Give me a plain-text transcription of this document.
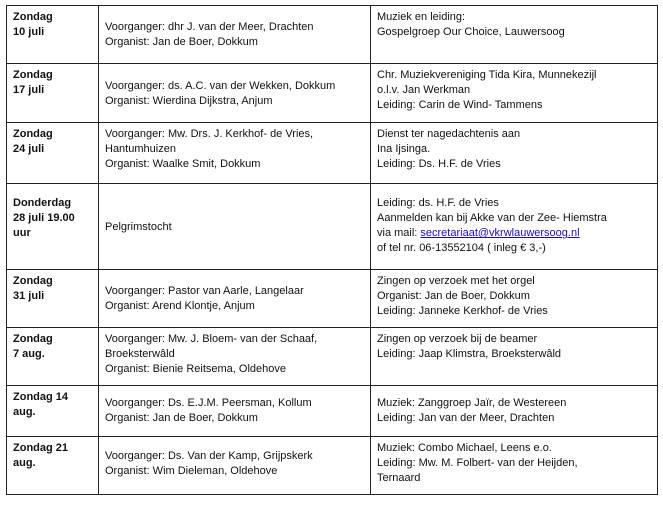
Zondag
10 juli	Voorganger: dhr J. van der Meer, Drachten
Organist: Jan de Boer, Dokkum	Muziek en leiding:
Gospelgroep Our Choice, Lauwersoog

Zondag
17 juli	Voorganger: ds. A.C. van der Wekken, Dokkum
Organist: Wierdina Dijkstra, Anjum	Chr. Muziekvereniging Tida Kira, Munnekezijl
o.l.v. Jan Werkman
Leiding: Carin de Wind- Tammens

Zondag
24 juli	Voorganger: Mw. Drs. J. Kerkhof- de Vries,
Hantumhuizen
Organist: Waalke Smit, Dokkum	Dienst ter nagedachtenis aan
Ina Ijsinga.
Leiding: Ds. H.F. de Vries

Donderdag
28 juli 19.00
uur	Pelgrimstocht	Leiding: ds. H.F. de Vries
Aanmelden kan bij Akke van der Zee- Hiemstra
via mail: secretariaat@vkrwlauwersoog.nl
of tel nr. 06-13552104 ( inleg € 3,-)

Zondag
31 juli	Voorganger: Pastor van Aarle, Langelaar
Organist: Arend Klontje, Anjum	Zingen op verzoek met het orgel
Organist: Jan de Boer, Dokkum
Leiding: Janneke Kerkhof- de Vries

Zondag
7 aug.	Voorganger: Mw. J. Bloem- van der Schaaf,
Broeksterwâld
Organist: Bienie Reitsema, Oldehove	Zingen op verzoek bij de beamer
Leiding: Jaap Klimstra, Broeksterwâld

Zondag 14
aug.	Voorganger: Ds. E.J.M. Peersman, Kollum
Organist: Jan de Boer, Dokkum	Muziek: Zanggroep Jaïr, de Westereen
Leiding: Jan van der Meer, Drachten

Zondag 21
aug.	Voorganger: Ds. Van der Kamp, Grijpskerk
Organist: Wim Dieleman, Oldehove	Muziek: Combo Michael, Leens e.o.
Leiding: Mw. M. Folbert- van der Heijden,
Ternaard
